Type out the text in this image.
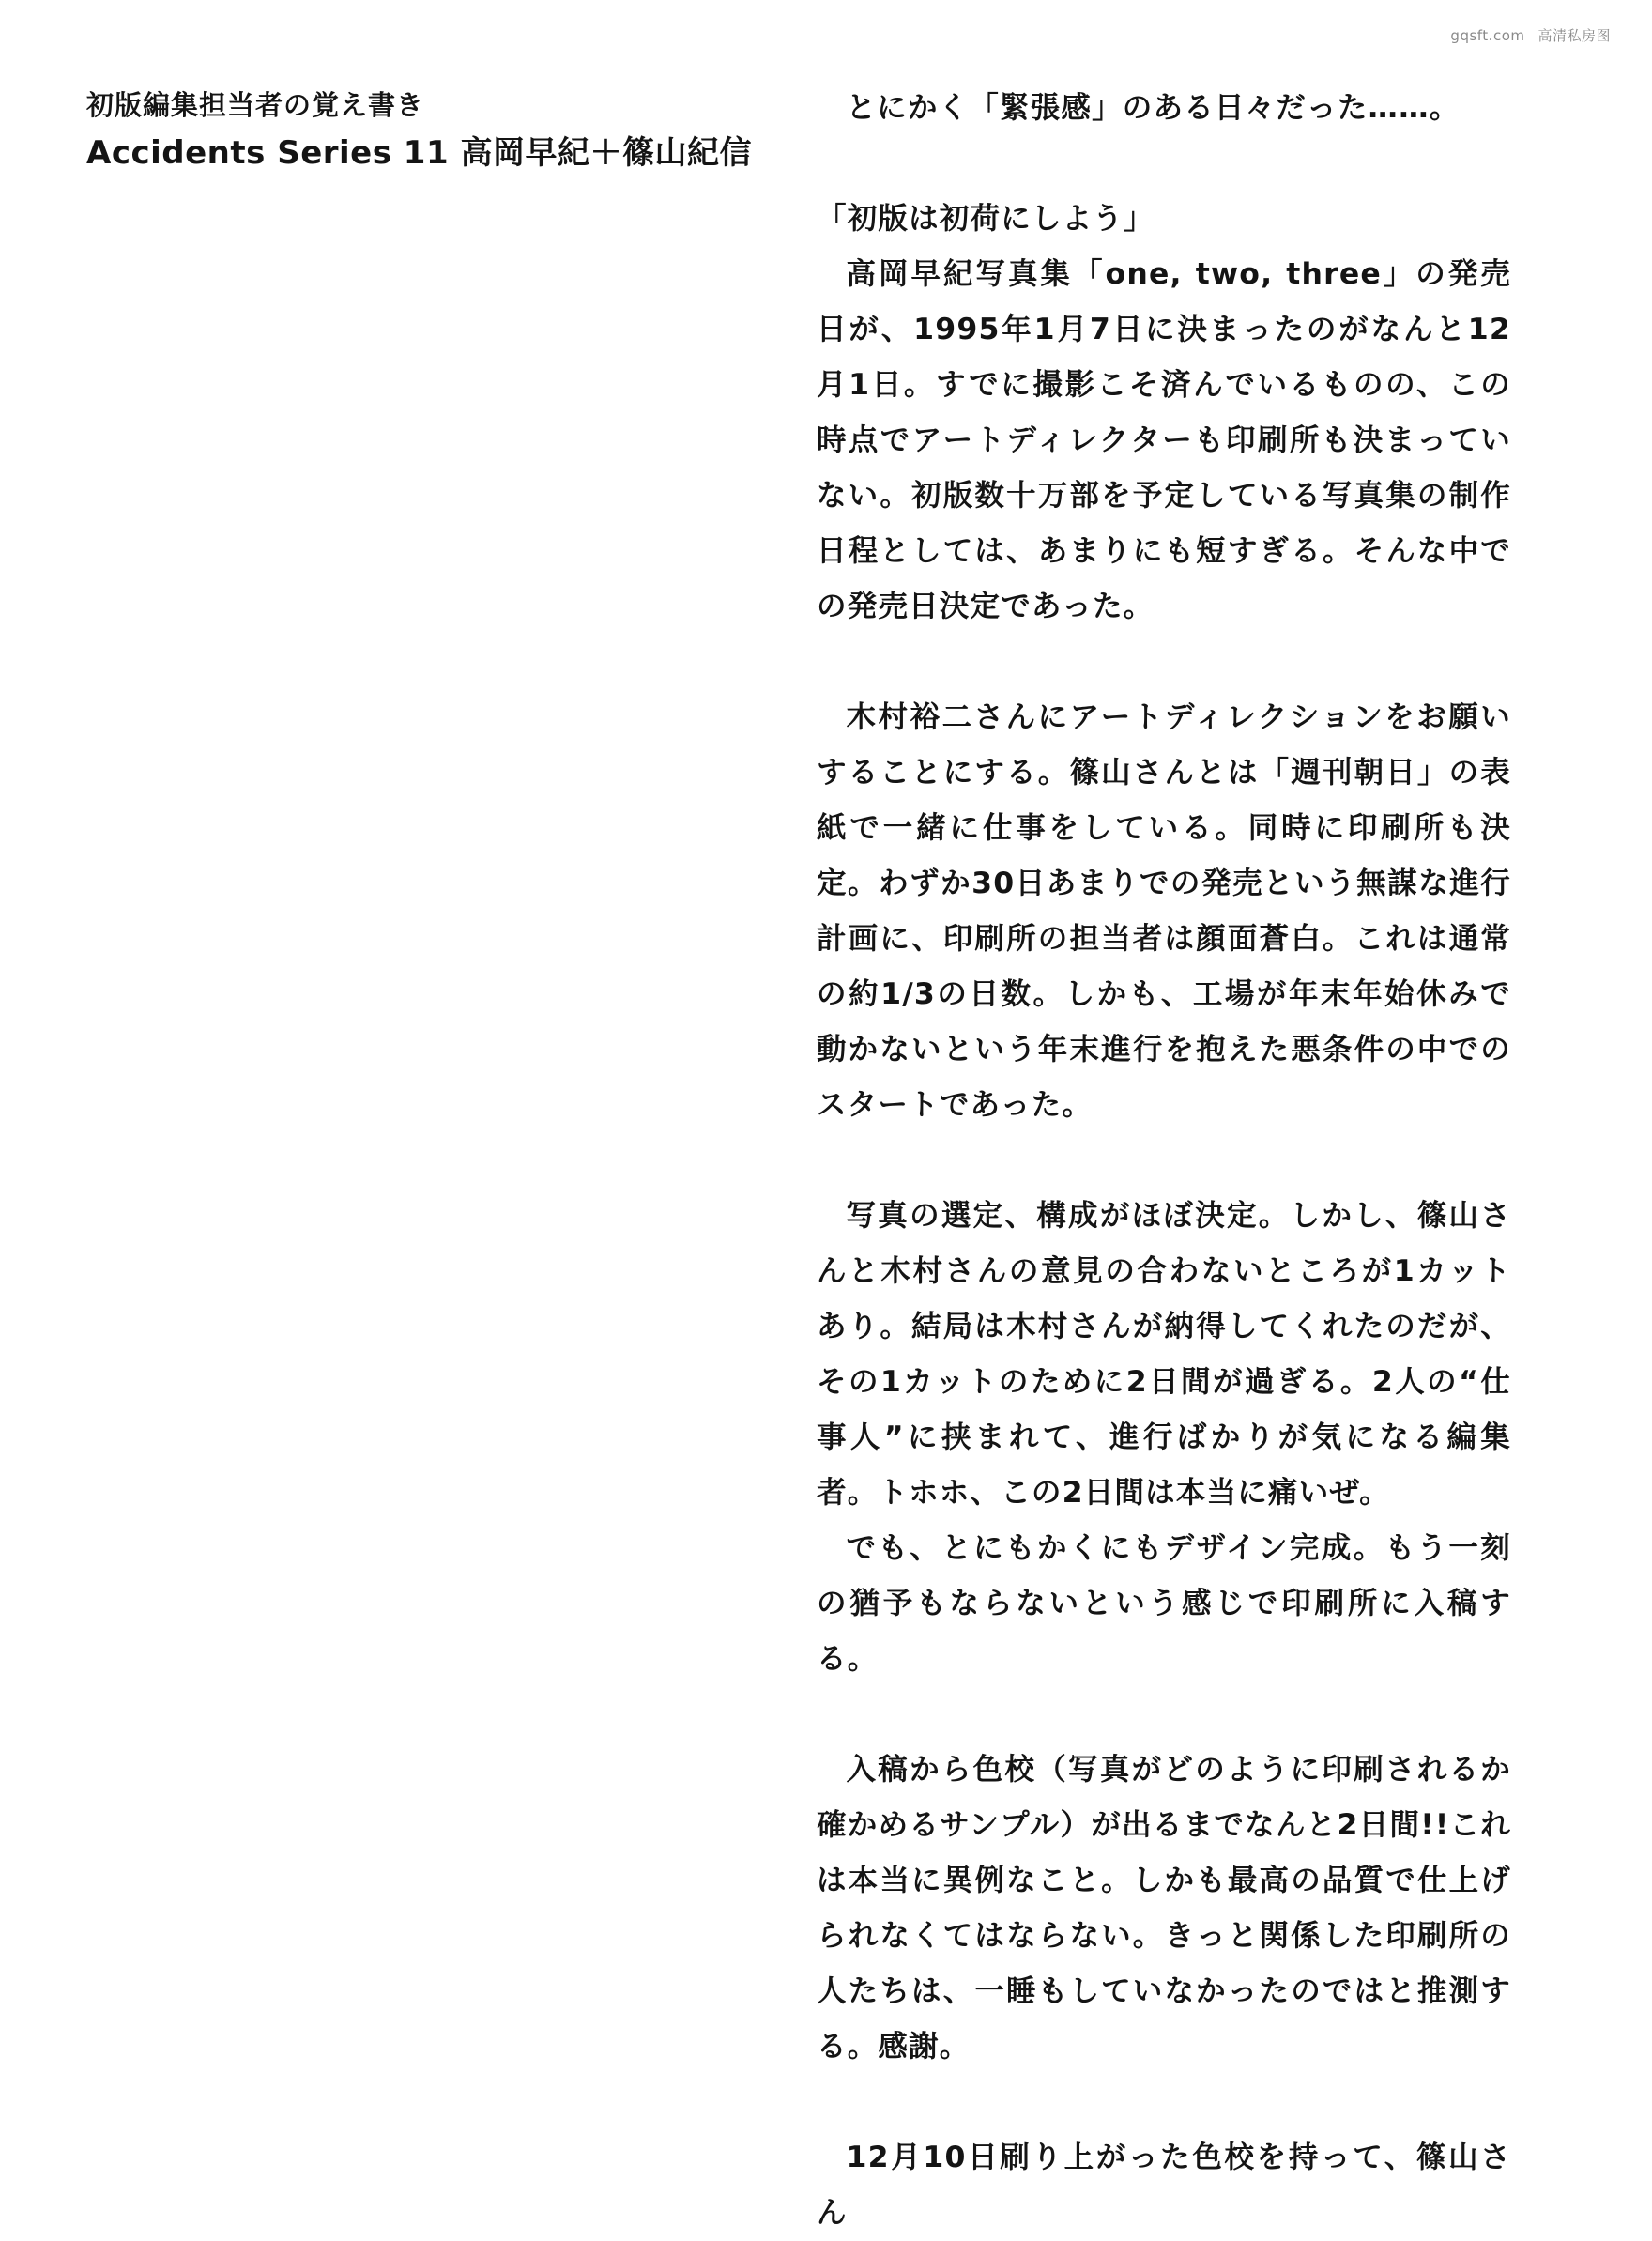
gqsft.com 高清私房图
初版編集担当者の覚え書き
Accidents Series 11 高岡早紀＋篠山紀信

とにかく「緊張感」のある日々だった……。

「初版は初荷にしよう」

高岡早紀写真集「one, two, three」の発売日が、1995年1月7日に決まったのがなんと12月1日。すでに撮影こそ済んでいるものの、この時点でアートディレクターも印刷所も決まっていない。初版数十万部を予定している写真集の制作日程としては、あまりにも短すぎる。そんな中での発売日決定であった。

木村裕二さんにアートディレクションをお願いすることにする。篠山さんとは「週刊朝日」の表紙で一緒に仕事をしている。同時に印刷所も決定。わずか30日あまりでの発売という無謀な進行計画に、印刷所の担当者は顔面蒼白。これは通常の約1/3の日数。しかも、工場が年末年始休みで動かないという年末進行を抱えた悪条件の中でのスタートであった。

写真の選定、構成がほぼ決定。しかし、篠山さんと木村さんの意見の合わないところが1カットあり。結局は木村さんが納得してくれたのだが、その1カットのために2日間が過ぎる。2人の“仕事人”に挟まれて、進行ばかりが気になる編集者。トホホ、この2日間は本当に痛いぜ。

でも、とにもかくにもデザイン完成。もう一刻の猶予もならないという感じで印刷所に入稿する。

入稿から色校（写真がどのように印刷されるか確かめるサンプル）が出るまでなんと2日間!!これは本当に異例なこと。しかも最高の品質で仕上げられなくてはならない。きっと関係した印刷所の人たちは、一睡もしていなかったのではと推測する。感謝。

12月10日刷り上がった色校を持って、篠山さん
